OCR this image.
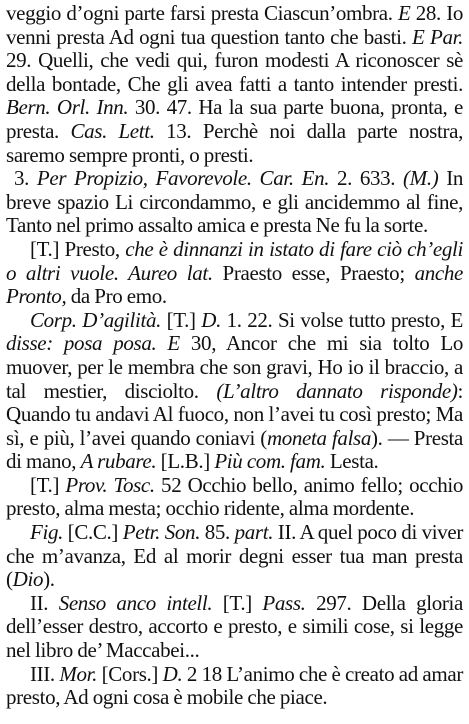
veggio d’ogni parte farsi presta Ciascun’ombra. E 28. Io venni presta Ad ogni tua question tanto che basti. E Par. 29. Quelli, che vedi qui, furon modesti A riconoscer sè della bontade, Che gli avea fatti a tanto intender presti. Bern. Orl. Inn. 30. 47. Ha la sua parte buona, pronta, e presta. Cas. Lett. 13. Perchè noi dalla parte nostra, saremo sempre pronti, o presti.

3. Per Propizio, Favorevole. Car. En. 2. 633. (M.) In breve spazio Li circondammo, e gli ancidemmo al fine, Tanto nel primo assalto amica e presta Ne fu la sorte.

[T.] Presto, che è dinnanzi in istato di fare ciò ch’egli o altri vuole. Aureo lat. Praesto esse, Praesto; anche Pronto, da Pro emo.

Corp. D’agilità. [T.] D. 1. 22. Si volse tutto presto, E disse: posa posa. E 30, Ancor che mi sia tolto Lo muover, per le membra che son gravi, Ho io il braccio, a tal mestier, disciolto. (L’altro dannato risponde): Quando tu andavi Al fuoco, non l’avei tu così presto; Ma sì, e più, l’avei quando coniavi (moneta falsa). — Presta di mano, A rubare. [L.B.] Più com. fam. Lesta.

[T.] Prov. Tosc. 52 Occhio bello, animo fello; occhio presto, alma mesta; occhio ridente, alma mordente.

Fig. [C.C.] Petr. Son. 85. part. II. A quel poco di viver che m’avanza, Ed al morir degni esser tua man presta (Dio).

II. Senso anco intell. [T.] Pass. 297. Della gloria dell’esser destro, accorto e presto, e simili cose, si legge nel libro de’ Maccabei...

III. Mor. [Cors.] D. 2 18 L’animo che è creato ad amar presto, Ad ogni cosa è mobile che piace.
